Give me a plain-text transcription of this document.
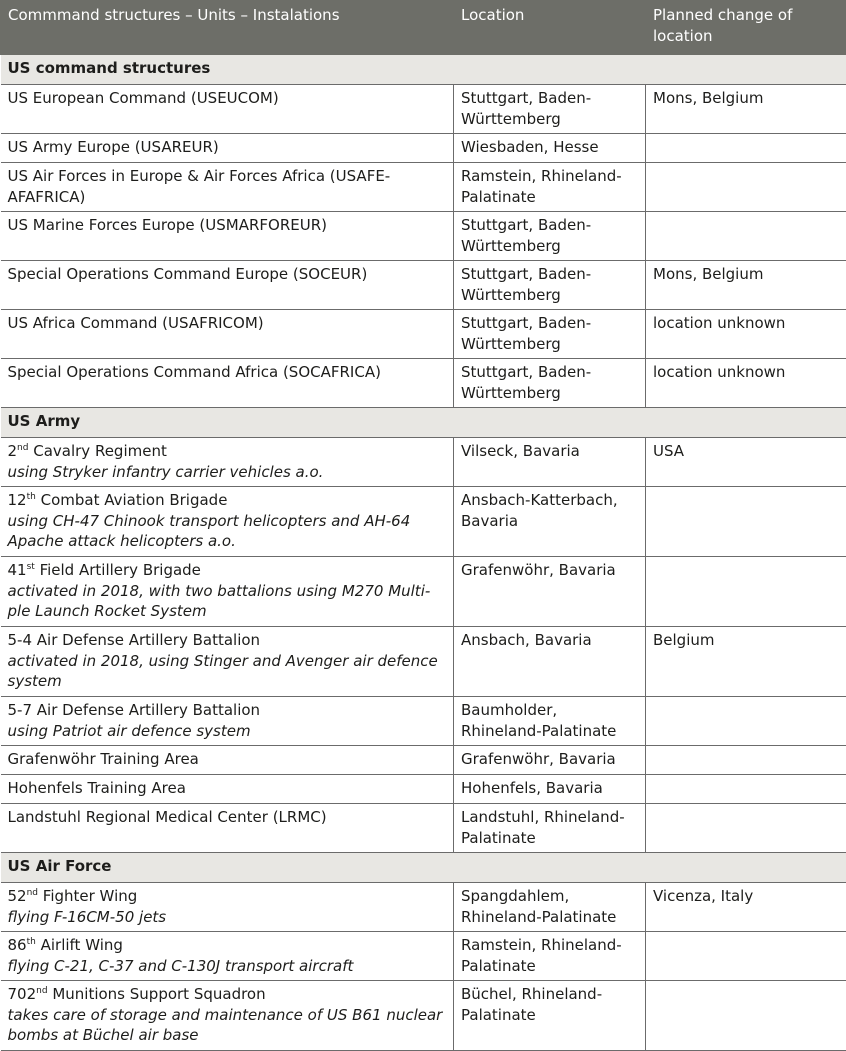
Commmand structures – Units – Instalations	Location	Planned change of location
US command structures		
US European Command (USEUCOM)	Stuttgart, Baden-Württemberg	Mons, Belgium
US Army Europe (USAREUR)	Wiesbaden, Hesse	
US Air Forces in Europe & Air Forces Africa (USAFE-AFAFRICA)	Ramstein, Rhineland-Palatinate	
US Marine Forces Europe (USMARFOREUR)	Stuttgart, Baden-Württemberg	
Special Operations Command Europe (SOCEUR)	Stuttgart, Baden-Württemberg	Mons, Belgium
US Africa Command (USAFRICOM)	Stuttgart, Baden-Württemberg	location unknown
Special Operations Command Africa (SOCAFRICA)	Stuttgart, Baden-Württemberg	location unknown
US Army		
2nd Cavalry Regiment
using Stryker infantry carrier vehicles a.o.	Vilseck, Bavaria	USA
12th Combat Aviation Brigade
using CH-47 Chinook transport helicopters and AH-64 Apache attack helicopters a.o.	Ansbach-Katterbach, Bavaria	
41st Field Artillery Brigade
activated in 2018, with two battalions using M270 Multi-ple Launch Rocket System	Grafenwöhr, Bavaria	
5-4 Air Defense Artillery Battalion
activated in 2018, using Stinger and Avenger air defence system	Ansbach, Bavaria	Belgium
5-7 Air Defense Artillery Battalion
using Patriot air defence system	Baumholder, Rhineland-Palatinate	
Grafenwöhr Training Area	Grafenwöhr, Bavaria	
Hohenfels Training Area	Hohenfels, Bavaria	
Landstuhl Regional Medical Center (LRMC)	Landstuhl, Rhineland-Palatinate	
US Air Force		
52nd Fighter Wing
flying F-16CM-50 jets	Spangdahlem, Rhineland-Palatinate	Vicenza, Italy
86th Airlift Wing
flying C-21, C-37 and C-130J transport aircraft	Ramstein, Rhineland-Palatinate	
702nd Munitions Support Squadron
takes care of storage and maintenance of US B61 nuclear bombs at Büchel air base	Büchel, Rhineland-Palatinate	
